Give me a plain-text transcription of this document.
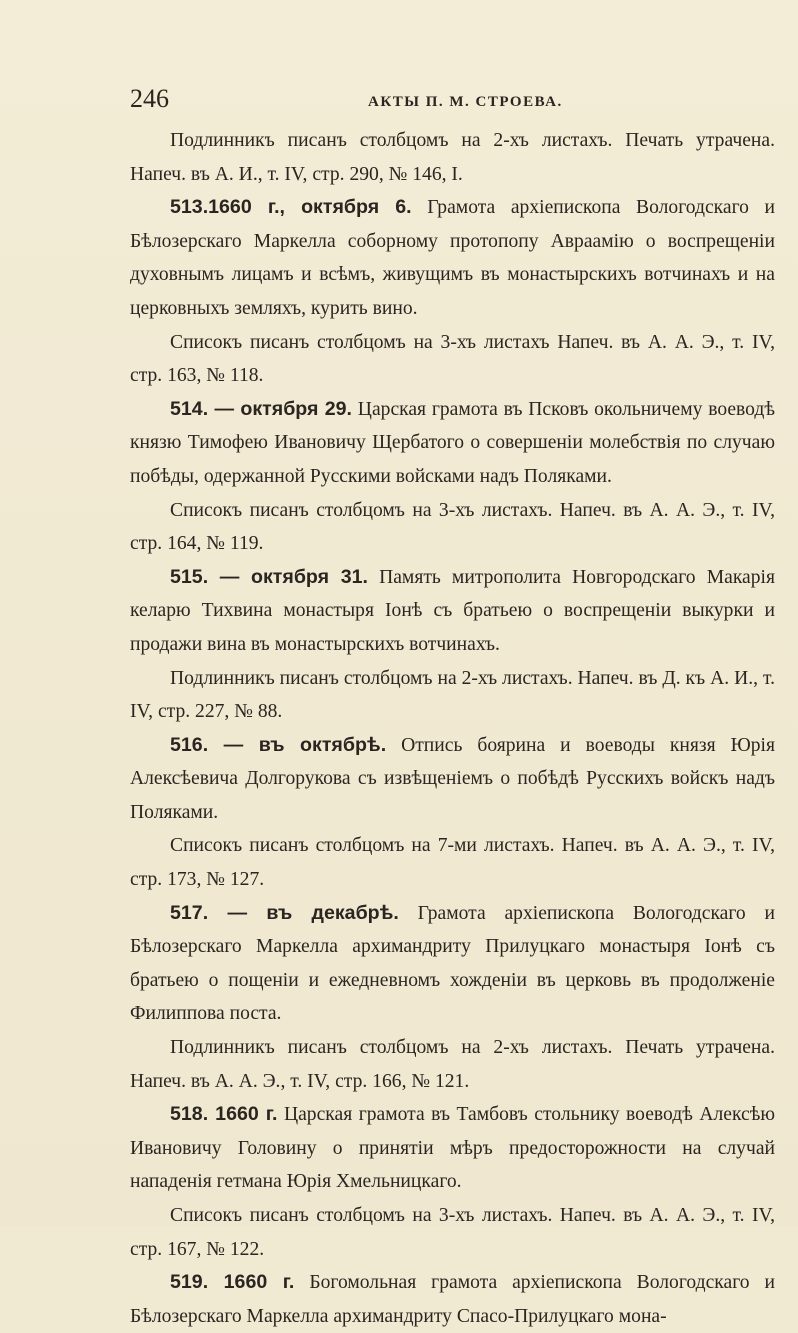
246	АКТЫ П. М. СТРОЕВА.

Подлинникъ писанъ столбцомъ на 2-хъ листахъ. Печать утрачена. Напеч. въ А. И., т. IV, стр. 290, № 146, I.

513.1660 г., октября 6. Грамота архіепископа Вологодскаго и Бѣлозерскаго Маркелла соборному протопопу Авраамію о воспрещеніи духовнымъ лицамъ и всѣмъ, живущимъ въ монастырскихъ вотчинахъ и на церковныхъ земляхъ, курить вино.

Списокъ писанъ столбцомъ на 3-хъ листахъ Напеч. въ А. А. Э., т. IV, стр. 163, № 118.

514. — октября 29. Царская грамота въ Псковъ окольничему воеводѣ князю Тимофею Ивановичу Щербатого о совершеніи молебствія по случаю побѣды, одержанной Русскими войсками надъ Поляками.

Списокъ писанъ столбцомъ на 3-хъ листахъ. Напеч. въ А. А. Э., т. IV, стр. 164, № 119.

515. — октября 31. Память митрополита Новгородскаго Макарія келарю Тихвина монастыря Іонѣ съ братьею о воспрещеніи выкурки и продажи вина въ монастырскихъ вотчинахъ.

Подлинникъ писанъ столбцомъ на 2-хъ листахъ. Напеч. въ Д. къ А. И., т. IV, стр. 227, № 88.

516. — въ октябрѣ. Отпись боярина и воеводы князя Юрія Алексѣевича Долгорукова съ извѣщеніемъ о побѣдѣ Русскихъ войскъ надъ Поляками.

Списокъ писанъ столбцомъ на 7-ми листахъ. Напеч. въ А. А. Э., т. IV, стр. 173, № 127.

517. — въ декабрѣ. Грамота архіепископа Вологодскаго и Бѣлозерскаго Маркелла архимандриту Прилуцкаго монастыря Іонѣ съ братьею о пощеніи и ежедневномъ хожденіи въ церковь въ продолженіе Филиппова поста.

Подлинникъ писанъ столбцомъ на 2-хъ листахъ. Печать утрачена. Напеч. въ А. А. Э., т. IV, стр. 166, № 121.

518. 1660 г. Царская грамота въ Тамбовъ стольнику воеводѣ Алексѣю Ивановичу Головину о принятіи мѣръ предосторожности на случай нападенія гетмана Юрія Хмельницкаго.

Списокъ писанъ столбцомъ на 3-хъ листахъ. Напеч. въ А. А. Э., т. IV, стр. 167, № 122.

519. 1660 г. Богомольная грамота архіепископа Вологодскаго и Бѣлозерскаго Маркелла архимандриту Спасо-Прилуцкаго мона-
